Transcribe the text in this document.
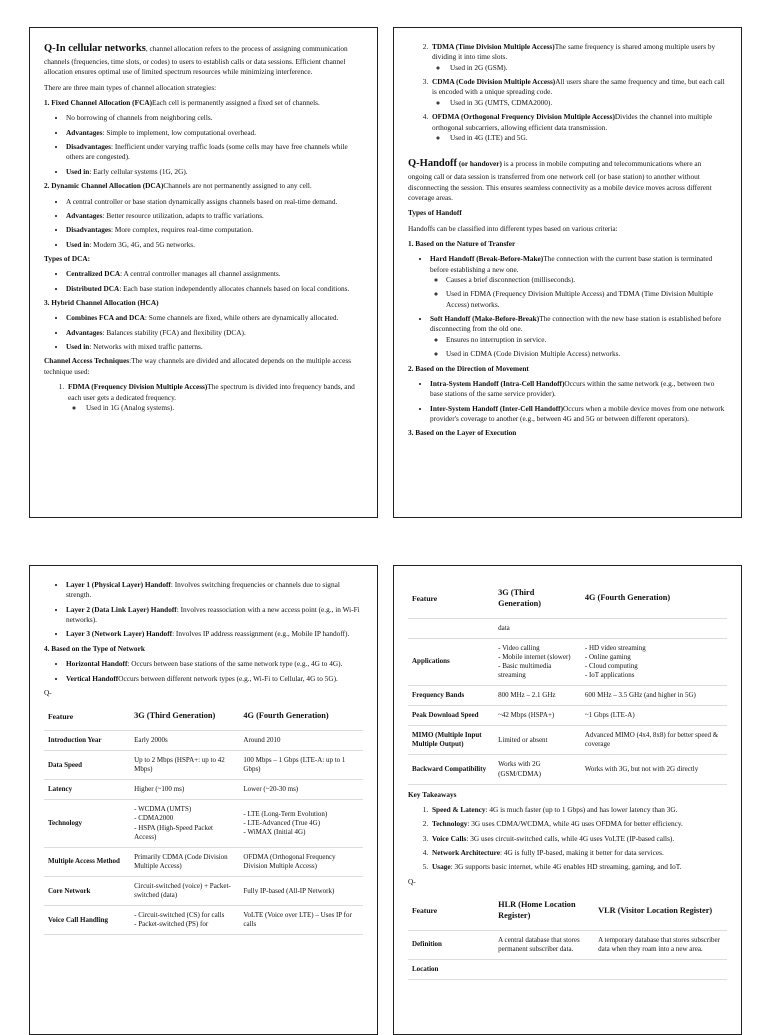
Q-In cellular networks, channel allocation refers to the process of assigning communication channels (frequencies, time slots, or codes) to users to establish calls or data sessions. Efficient channel allocation ensures optimal use of limited spectrum resources while minimizing interference.

There are three main types of channel allocation strategies:

1. Fixed Channel Allocation (FCA)Each cell is permanently assigned a fixed set of channels.

• No borrowing of channels from neighboring cells.
• Advantages: Simple to implement, low computational overhead.
• Disadvantages: Inefficient under varying traffic loads (some cells may have free channels while others are congested).
• Used in: Early cellular systems (1G, 2G).

2. Dynamic Channel Allocation (DCA)Channels are not permanently assigned to any cell.

• A central controller or base station dynamically assigns channels based on real-time demand.
• Advantages: Better resource utilization, adapts to traffic variations.
• Disadvantages: More complex, requires real-time computation.
• Used in: Modern 3G, 4G, and 5G networks.

Types of DCA:

• Centralized DCA: A central controller manages all channel assignments.
• Distributed DCA: Each base station independently allocates channels based on local conditions.

3. Hybrid Channel Allocation (HCA)

• Combines FCA and DCA: Some channels are fixed, while others are dynamically allocated.
• Advantages: Balances stability (FCA) and flexibility (DCA).
• Used in: Networks with mixed traffic patterns.

Channel Access Techniques:The way channels are divided and allocated depends on the multiple access technique used:

1. FDMA (Frequency Division Multiple Access)The spectrum is divided into frequency bands, and each user gets a dedicated frequency.
◦ Used in 1G (Analog systems).
2. TDMA (Time Division Multiple Access)The same frequency is shared among multiple users by dividing it into time slots.
◦ Used in 2G (GSM).
3. CDMA (Code Division Multiple Access)All users share the same frequency and time, but each call is encoded with a unique spreading code.
◦ Used in 3G (UMTS, CDMA2000).
4. OFDMA (Orthogonal Frequency Division Multiple Access)Divides the channel into multiple orthogonal subcarriers, allowing efficient data transmission.
◦ Used in 4G (LTE) and 5G.

Q-Handoff (or handover) is a process in mobile computing and telecommunications where an ongoing call or data session is transferred from one network cell (or base station) to another without disconnecting the session. This ensures seamless connectivity as a mobile device moves across different coverage areas.

Types of Handoff

Handoffs can be classified into different types based on various criteria:

1. Based on the Nature of Transfer

• Hard Handoff (Break-Before-Make)The connection with the current base station is terminated before establishing a new one.
◦ Causes a brief disconnection (milliseconds).
◦ Used in FDMA (Frequency Division Multiple Access) and TDMA (Time Division Multiple Access) networks.
• Soft Handoff (Make-Before-Break)The connection with the new base station is established before disconnecting from the old one.
◦ Ensures no interruption in service.
◦ Used in CDMA (Code Division Multiple Access) networks.

2. Based on the Direction of Movement

• Intra-System Handoff (Intra-Cell Handoff)Occurs within the same network (e.g., between two base stations of the same service provider).
• Inter-System Handoff (Inter-Cell Handoff)Occurs when a mobile device moves from one network provider's coverage to another (e.g., between 4G and 5G or between different operators).

3. Based on the Layer of Execution

• Layer 1 (Physical Layer) Handoff: Involves switching frequencies or channels due to signal strength.
• Layer 2 (Data Link Layer) Handoff: Involves reassociation with a new access point (e.g., in Wi-Fi networks).
• Layer 3 (Network Layer) Handoff: Involves IP address reassignment (e.g., Mobile IP handoff).

4. Based on the Type of Network

• Horizontal Handoff: Occurs between base stations of the same network type (e.g., 4G to 4G).
• Vertical HandoffOccurs between different network types (e.g., Wi-Fi to Cellular, 4G to 5G).

Q-

Feature	3G (Third Generation)	4G (Fourth Generation)
Introduction Year	Early 2000s	Around 2010
Data Speed	Up to 2 Mbps (HSPA+: up to 42 Mbps)	100 Mbps – 1 Gbps (LTE-A: up to 1 Gbps)
Latency	Higher (~100 ms)	Lower (~20-30 ms)
Technology	- WCDMA (UMTS)
- CDMA2000
- HSPA (High-Speed Packet Access)	- LTE (Long-Term Evolution)
- LTE-Advanced (True 4G)
- WiMAX (Initial 4G)
Multiple Access Method	Primarily CDMA (Code Division Multiple Access)	OFDMA (Orthogonal Frequency Division Multiple Access)
Core Network	Circuit-switched (voice) + Packet-switched (data)	Fully IP-based (All-IP Network)
Voice Call Handling	- Circuit-switched (CS) for calls
- Packet-switched (PS) for	VoLTE (Voice over LTE) – Uses IP for calls
Feature	3G (Third Generation)	4G (Fourth Generation)
	data	
Applications	- Video calling
- Mobile internet (slower)
- Basic multimedia streaming	- HD video streaming
- Online gaming
- Cloud computing
- IoT applications
Frequency Bands	800 MHz – 2.1 GHz	600 MHz – 3.5 GHz (and higher in 5G)
Peak Download Speed	~42 Mbps (HSPA+)	~1 Gbps (LTE-A)
MIMO (Multiple Input Multiple Output)	Limited or absent	Advanced MIMO (4x4, 8x8) for better speed & coverage
Backward Compatibility	Works with 2G (GSM/CDMA)	Works with 3G, but not with 2G directly

Key Takeaways

1. Speed & Latency: 4G is much faster (up to 1 Gbps) and has lower latency than 3G.
2. Technology: 3G uses CDMA/WCDMA, while 4G uses OFDMA for better efficiency.
3. Voice Calls: 3G uses circuit-switched calls, while 4G uses VoLTE (IP-based calls).
4. Network Architecture: 4G is fully IP-based, making it better for data services.
5. Usage: 3G supports basic internet, while 4G enables HD streaming, gaming, and IoT.

Q-

Feature	HLR (Home Location Register)	VLR (Visitor Location Register)
Definition	A central database that stores permanent subscriber data.	A temporary database that stores subscriber data when they roam into a new area.
Location		
